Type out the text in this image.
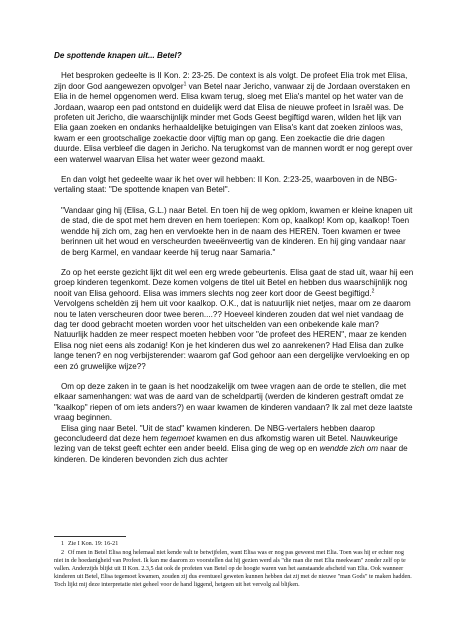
De spottende knapen uit... Betel?

Het besproken gedeelte is II Kon. 2: 23-25. De context is als volgt. De profeet Elia trok met Elisa, zijn door God aangewezen opvolger$^1$ van Betel naar Jericho, vanwaar zij de Jordaan overstaken en Elia in de hemel opgenomen werd. Elisa kwam terug, sloeg met Elia's mantel op het water van de Jordaan, waarop een pad ontstond en duidelijk werd dat Elisa de nieuwe profeet in Israël was. De profeten uit Jericho, die waarschijnlijk minder met Gods Geest begiftigd waren, wilden het lijk van Elia gaan zoeken en ondanks herhaaldelijke betuigingen van Elisa's kant dat zoeken zinloos was, kwam er een grootschalige zoekactie door vijftig man op gang. Een zoekactie die drie dagen duurde. Elisa verbleef die dagen in Jericho. Na terugkomst van de mannen wordt er nog gerept over een waterwel waarvan Elisa het water weer gezond maakt.

En dan volgt het gedeelte waar ik het over wil hebben: II Kon. 2:23-25, waarboven in de NBG-vertaling staat: "De spottende knapen van Betel".

"Vandaar ging hij (Elisa, G.L.) naar Betel. En toen hij de weg opklom, kwamen er kleine knapen uit de stad, die de spot met hem dreven en hem toeriepen: Kom op, kaalkop! Kom op, kaalkop! Toen wendde hij zich om, zag hen en vervloekte hen in de naam des HEREN. Toen kwamen er twee berinnen uit het woud en verscheurden tweeënveertig van de kinderen. En hij ging vandaar naar de berg Karmel, en vandaar keerde hij terug naar Samaria."

Zo op het eerste gezicht lijkt dit wel een erg wrede gebeurtenis. Elisa gaat de stad uit, waar hij een groep kinderen tegenkomt. Deze komen volgens de titel uit Betel en hebben dus waarschijnlijk nog nooit van Elisa gehoord. Elisa was immers slechts nog zeer kort door de Geest begiftigd.$^2$ Vervolgens scheldèn zij hem uit voor kaalkop. O.K., dat is natuurlijk niet netjes, maar om ze daarom nou te laten verscheuren door twee beren....?? Hoeveel kinderen zouden dat wel niet vandaag de dag ter dood gebracht moeten worden voor het uitschelden van een onbekende kale man? Natuurlijk hadden ze meer respect moeten hebben voor "de profeet des HEREN", maar ze kenden Elisa nog niet eens als zodanig! Kon je het kinderen dus wel zo aanrekenen? Had Elisa dan zulke lange tenen? en nog verbijsterender: waarom gaf God gehoor aan een dergelijke vervloeking en op een zó gruwelijke wijze??

Om op deze zaken in te gaan is het noodzakelijk om twee vragen aan de orde te stellen, die met elkaar samenhangen: wat was de aard van de scheldpartij (werden de kinderen gestraft omdat ze "kaalkop" riepen of om iets anders?) en waar kwamen de kinderen vandaan? Ik zal met deze laatste vraag beginnen.

Elisa ging naar Betel. "Uit de stad" kwamen kinderen. De NBG-vertalers hebben daarop geconcludeerd dat deze hem tegemoet kwamen en dus afkomstig waren uit Betel. Nauwkeurige lezing van de tekst geeft echter een ander beeld. Elisa ging de weg op en wendde zich om naar de kinderen. De kinderen bevonden zich dus achter

1 Zie I Kon. 19: 16-21

2 Of men in Betel Elisa nog helemaal niet kende valt te betwijfelen, want Elisa was er nog pas geweest met Elia. Toen was hij er echter nog niet in de hoedanigheid van Profeet. Ik kan me daarom zo voorstellen dat hij gezien werd als "die man die met Elia meekwam" zonder zelf op te vallen. Anderzijds blijkt uit II Kon. 2.3,5 dat ook de profeten van Betel op de hoogte waren van het aanstaande afscheid van Elia. Ook wanneer kinderen uit Betel, Elisa tegemoet kwamen, zouden zij dus eventueel geweten kunnen hebben dat zij met de nieuwe "man Gods" te maken hadden. Toch lijkt mij deze interpretatie niet geheel voor de hand liggend, hetgeen uit het vervolg zal blijken.
